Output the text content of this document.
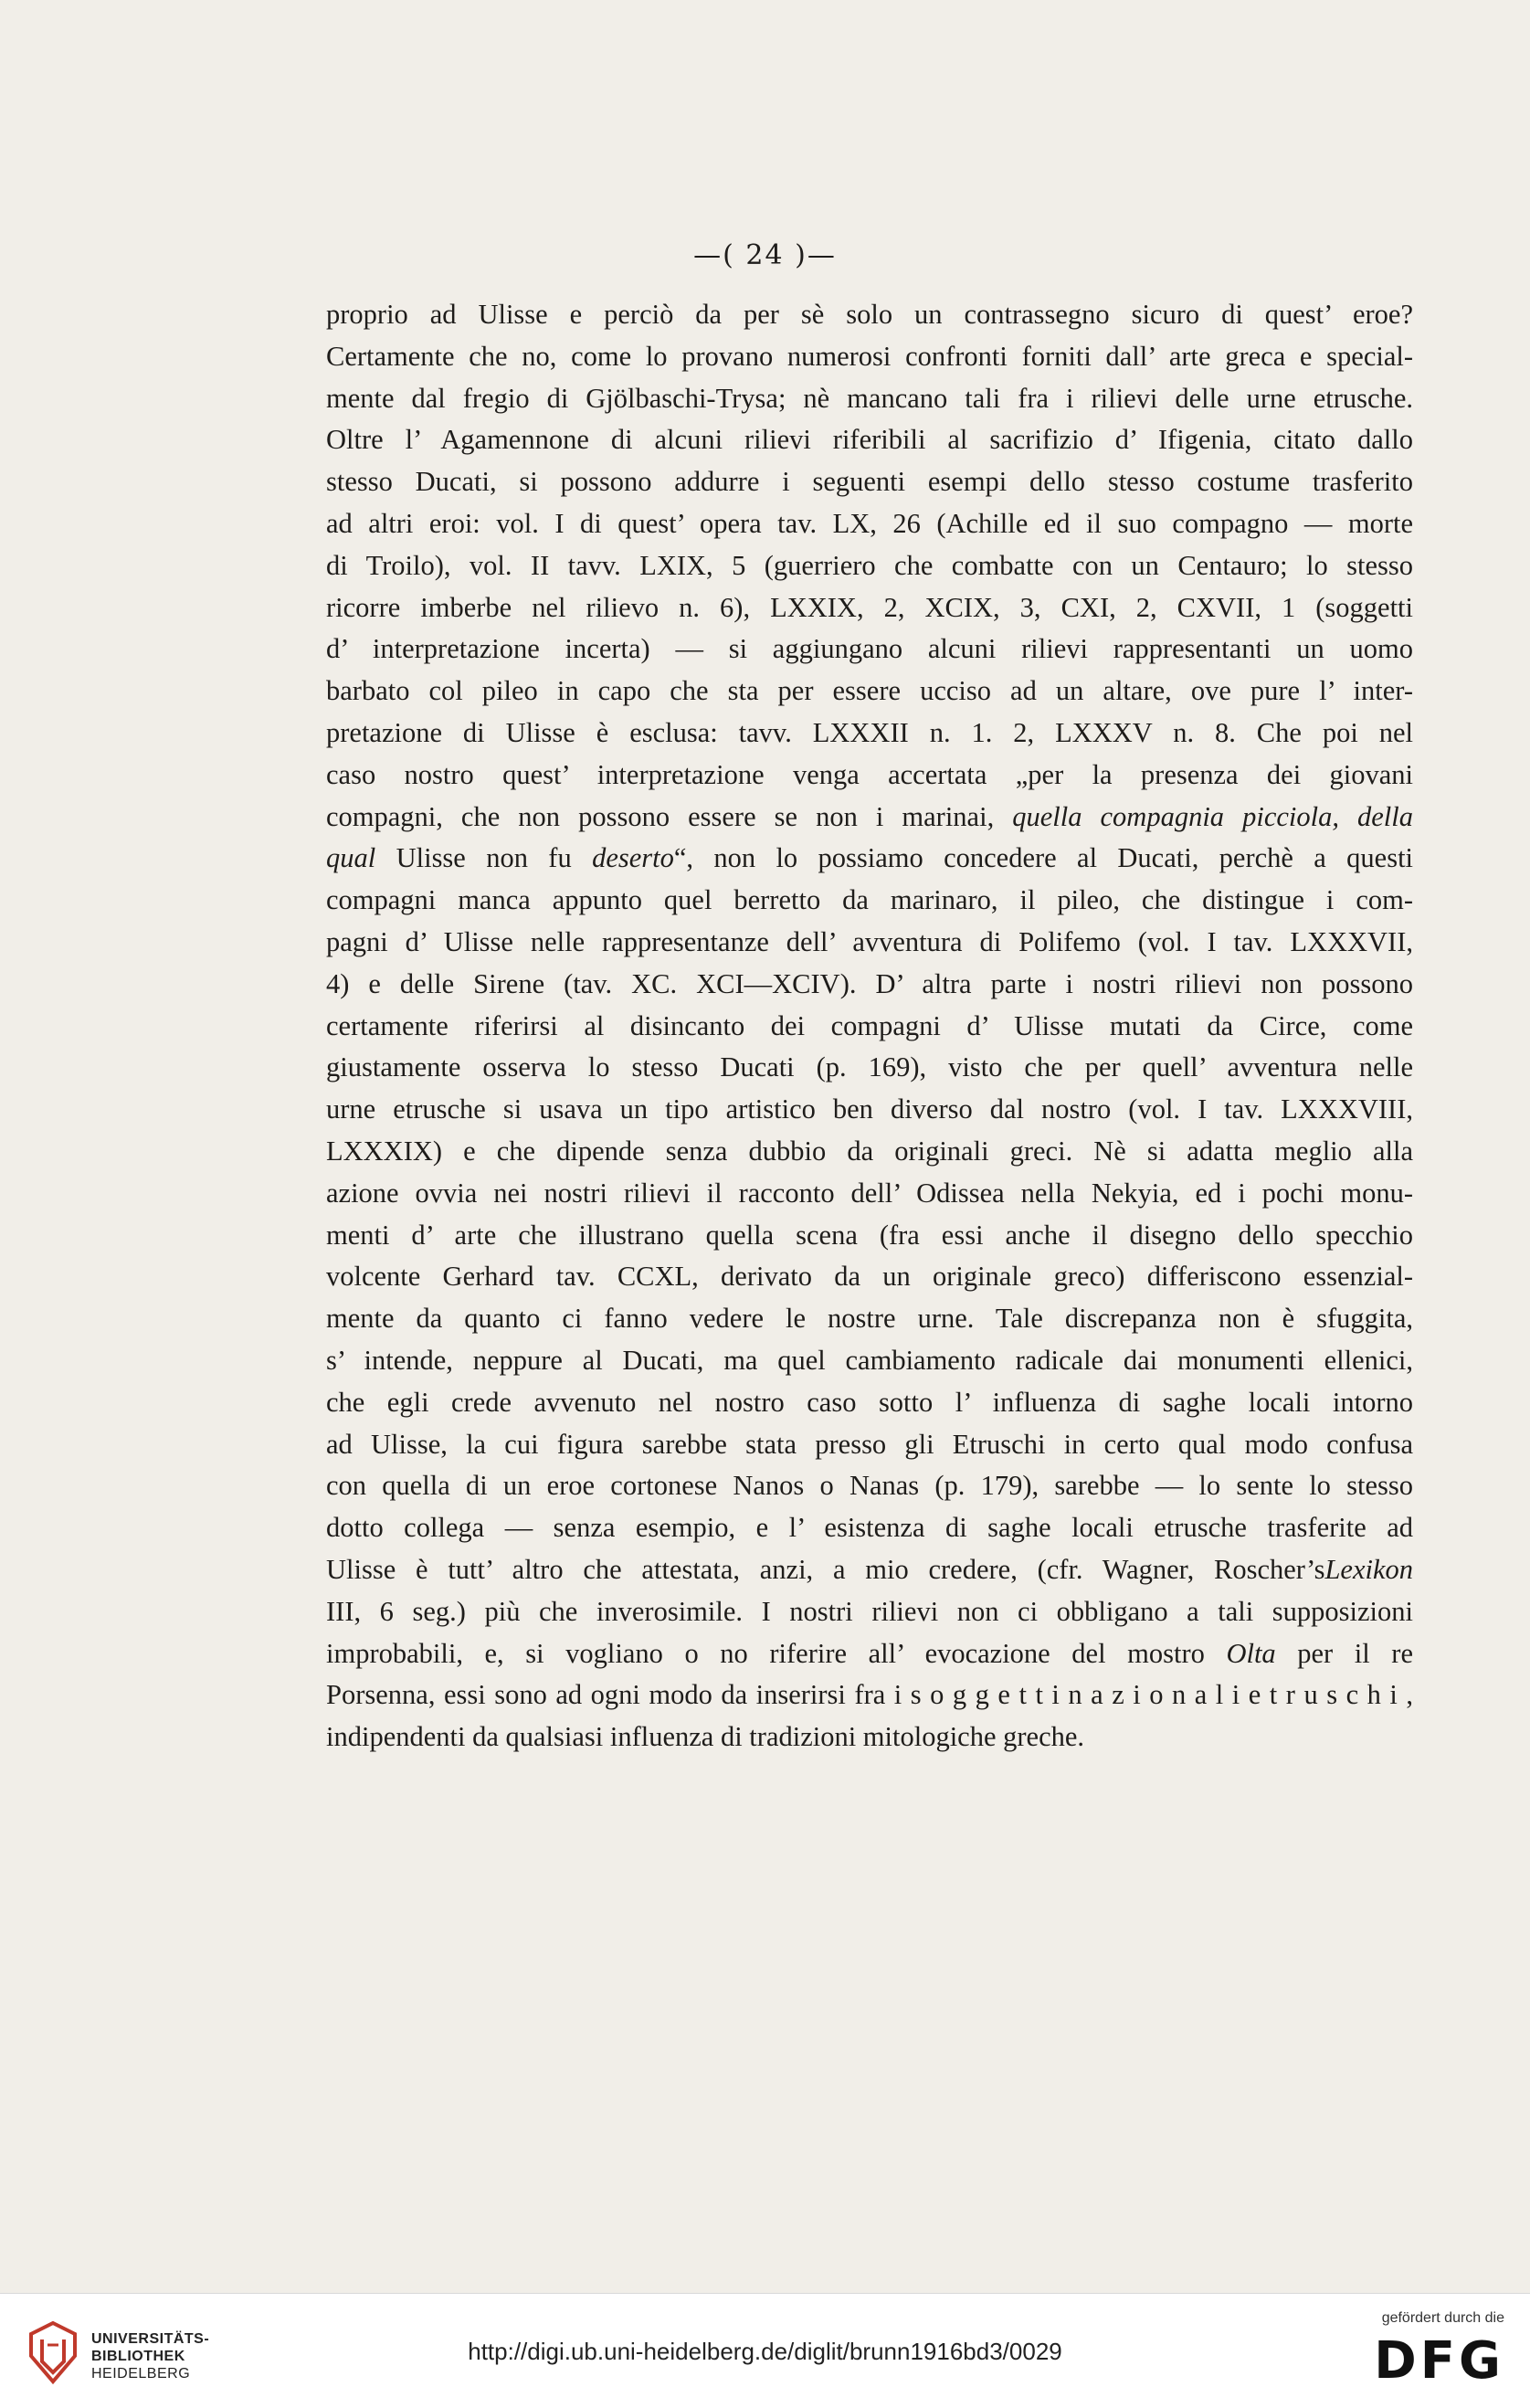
—( 24 )—
proprio ad Ulisse e perciò da per sè solo un contrassegno sicuro di quest’ eroe?
Certamente che no, come lo provano numerosi confronti forniti dall’ arte greca e special-
mente dal fregio di Gjölbaschi-Trysa; nè mancano tali fra i rilievi delle urne etrusche.
Oltre l’ Agamennone di alcuni rilievi riferibili al sacrifizio d’ Ifigenia, citato dallo
stesso Ducati, si possono addurre i seguenti esempi dello stesso costume trasferito
ad altri eroi: vol. I di quest’ opera tav. LX, 26 (Achille ed il suo compagno — morte
di Troilo), vol. II tavv. LXIX, 5 (guerriero che combatte con un Centauro; lo stesso
ricorre imberbe nel rilievo n. 6), LXXIX, 2, XCIX, 3, CXI, 2, CXVII, 1 (soggetti
d’ interpretazione incerta) — si aggiungano alcuni rilievi rappresentanti un uomo
barbato col pileo in capo che sta per essere ucciso ad un altare, ove pure l’ inter-
pretazione di Ulisse è esclusa: tavv. LXXXII n. 1. 2, LXXXV n. 8. Che poi nel
caso nostro quest’ interpretazione venga accertata „per la presenza dei giovani
compagni, che non possono essere se non i marinai, quella compagnia picciola, della
qual Ulisse non fu deserto“, non lo possiamo concedere al Ducati, perchè a questi
compagni manca appunto quel berretto da marinaro, il pileo, che distingue i com-
pagni d’ Ulisse nelle rappresentanze dell’ avventura di Polifemo (vol. I tav. LXXXVII,
4) e delle Sirene (tav. XC. XCI—XCIV). D’ altra parte i nostri rilievi non possono
certamente riferirsi al disincanto dei compagni d’ Ulisse mutati da Circe, come
giustamente osserva lo stesso Ducati (p. 169), visto che per quell’ avventura nelle
urne etrusche si usava un tipo artistico ben diverso dal nostro (vol. I tav. LXXXVIII,
LXXXIX) e che dipende senza dubbio da originali greci. Nè si adatta meglio alla
azione ovvia nei nostri rilievi il racconto dell’ Odissea nella Nekyia, ed i pochi monu-
menti d’ arte che illustrano quella scena (fra essi anche il disegno dello specchio
volcente Gerhard tav. CCXL, derivato da un originale greco) differiscono essenzial-
mente da quanto ci fanno vedere le nostre urne. Tale discrepanza non è sfuggita,
s’ intende, neppure al Ducati, ma quel cambiamento radicale dai monumenti ellenici,
che egli crede avvenuto nel nostro caso sotto l’ influenza di saghe locali intorno
ad Ulisse, la cui figura sarebbe stata presso gli Etruschi in certo qual modo confusa
con quella di un eroe cortonese Nanos o Nanas (p. 179), sarebbe — lo sente lo stesso
dotto collega — senza esempio, e l’ esistenza di saghe locali etrusche trasferite ad
Ulisse è tutt’ altro che attestata, anzi, a mio credere, (cfr. Wagner, Roscher’sLexikon
III, 6 seg.) più che inverosimile. I nostri rilievi non ci obbligano a tali supposizioni
improbabili, e, si vogliano o no riferire all’ evocazione del mostro Olta per il re
Porsenna, essi sono ad ogni modo da inserirsi fra i s o g g e t t i n a z i o n a l i e t r u s c h i ,
indipendenti da qualsiasi influenza di tradizioni mitologiche greche.
UNIVERSITÄTS-
BIBLIOTHEK
HEIDELBERG
http://digi.ub.uni-heidelberg.de/diglit/brunn1916bd3/0029
gefördert durch die
DFG
